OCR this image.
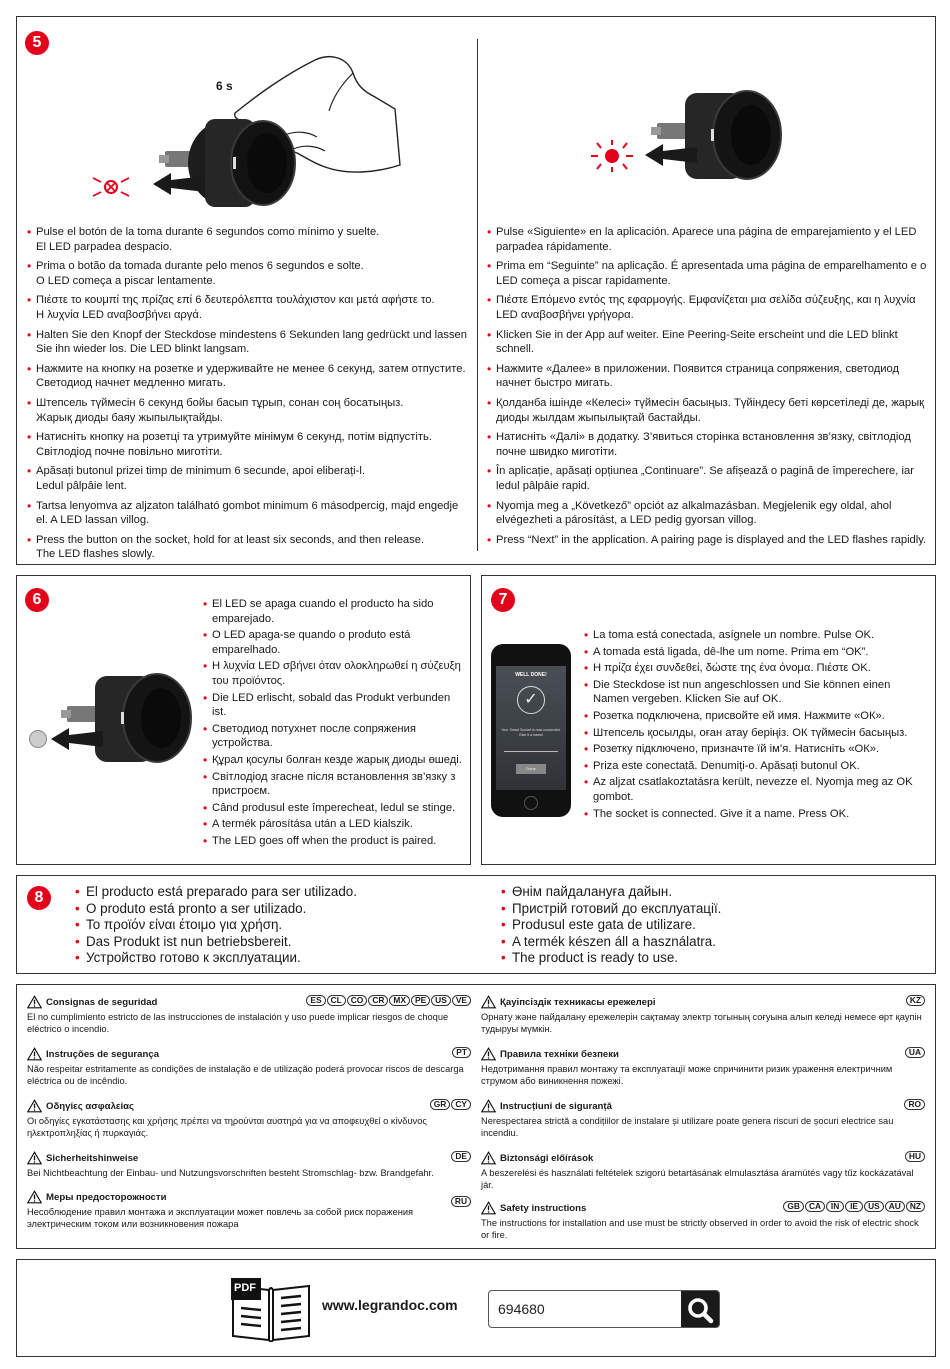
5
6 s
• Pulse el botón de la toma durante 6 segundos como mínimo y suelte.
El LED parpadea despacio.
• Prima o botão da tomada durante pelo menos 6 segundos e solte.
O LED começa a piscar lentamente.
• Πιέστε το κουμπί της πρίζας επί 6 δευτερόλεπτα τουλάχιστον και μετά αφήστε το.
Η λυχνία LED αναβοσβήνει αργά.
• Halten Sie den Knopf der Steckdose mindestens 6 Sekunden lang gedrückt und lassen Sie ihn wieder los. Die LED blinkt langsam.
• Нажмите на кнопку на розетке и удерживайте не менее 6 секунд, затем отпустите.
Светодиод начнет медленно мигать.
• Штепсель түймесін 6 секунд бойы басып тұрып, сонан соң босатыңыз.
Жарық диоды баяу жыпылықтайды.
• Натисніть кнопку на розетці та утримуйте мінімум 6 секунд, потім відпустіть.
Світлодіод почне повільно миготіти.
• Apăsați butonul prizei timp de minimum 6 secunde, apoi eliberați-l.
Ledul pâlpâie lent.
• Tartsa lenyomva az aljzaton található gombot minimum 6 másodpercig, majd engedje el. A LED lassan villog.
• Press the button on the socket, hold for at least six seconds, and then release.
The LED flashes slowly.
• Pulse «Siguiente» en la aplicación. Aparece una página de emparejamiento y el LED parpadea rápidamente.
• Prima em “Seguinte” na aplicação. É apresentada uma página de emparelhamento e o LED começa a piscar rapidamente.
• Πιέστε Επόμενο εντός της εφαρμογής. Εμφανίζεται μια σελίδα σύζευξης, και η λυχνία LED αναβοσβήνει γρήγορα.
• Klicken Sie in der App auf weiter. Eine Peering-Seite erscheint und die LED blinkt schnell.
• Нажмите «Далее» в приложении. Появится страница сопряжения, светодиод начнет быстро мигать.
• Қолданба ішінде «Келесі» түймесін басыңыз. Түйіндесу беті көрсетіледі де, жарық диоды жылдам жыпылықтай бастайды.
• Натисніть «Далі» в додатку. З’явиться сторінка встановлення зв’язку, світлодіод почне швидко миготіти.
• În aplicație, apăsați opțiunea „Continuare”. Se afișează o pagină de împerechere, iar ledul pâlpâie rapid.
• Nyomja meg a „Következő” opciót az alkalmazásban. Megjelenik egy oldal, ahol elvégezheti a párosítást, a LED pedig gyorsan villog.
• Press “Next” in the application. A pairing page is displayed and the LED flashes rapidly.
6	• El LED se apaga cuando el producto ha sido emparejado.
• O LED apaga-se quando o produto está emparelhado.
• Η λυχνία LED σβήνει όταν ολοκληρωθεί η σύζευξη του προϊόντος.
• Die LED erlischt, sobald das Produkt verbunden ist.
• Светодиод потухнет после сопряжения устройства.
• Құрал қосулы болған кезде жарық диоды өшеді.
• Світлодіод згасне після встановлення зв’язку з пристроєм.
• Când produsul este împerecheat, ledul se stinge.
• A termék párosítása után a LED kialszik.
• The LED goes off when the product is paired.
7
WELL DONE!
✓
Your Smart Socket is now connected. Give it a name!
Done
• La toma está conectada, asígnele un nombre. Pulse OK.
• A tomada está ligada, dê-lhe um nome. Prima em “OK”.
• Η πρίζα έχει συνδεθεί, δώστε της ένα όνομα. Πιέστε OK.
• Die Steckdose ist nun angeschlossen und Sie können einen Namen vergeben. Klicken Sie auf OK.
• Розетка подключена, присвойте ей имя. Нажмите «ОК».
• Штепсель қосылды, оған атау беріңіз. ОК түймесін басыңыз.
• Розетку підключено, призначте їй ім’я. Натисніть «ОК».
• Priza este conectată. Denumiți-o. Apăsați butonul OK.
• Az aljzat csatlakoztatásra került, nevezze el. Nyomja meg az OK gombot.
• The socket is connected. Give it a name. Press OK.
8	• El producto está preparado para ser utilizado.
• O produto está pronto a ser utilizado.
• Το προϊόν είναι έτοιμο για χρήση.
• Das Produkt ist nun betriebsbereit.
• Устройство готово к эксплуатации.
• Өнім пайдалануға дайын.
• Пристрій готовий до експлуатації.
• Produsul este gata de utilizare.
• A termék készen áll a használatra.
• The product is ready to use.
Consignas de seguridad	ES	CL	CO	CR	MX	PE	US	VE
El no cumplimiento estricto de las instrucciones de instalación y uso puede implicar riesgos de choque eléctrico o incendio.
Instruções de segurança	PT
Não respeitar estritamente as condições de instalação e de utilização poderá provocar riscos de descarga eléctrica ou de incêndio.
Οδηγίες ασφαλείας	GR	CY
Οι οδηγίες εγκατάστασης και χρήσης πρέπει να τηρούνται αυστηρά για να αποφευχθεί ο κίνδυνος ηλεκτροπληξίας ή πυρκαγιάς.
Sicherheitshinweise	DE
Bei Nichtbeachtung der Einbau- und Nutzungsvorschriften besteht Stromschlag- bzw. Brandgefahr.
Меры предосторожности	RU
Несоблюдение правил монтажа и эксплуатации может повлечь за собой риск поражения электрическим током или возникновения пожара
Қауіпсіздік техникасы ережелері	KZ
Орнату және пайдалану ережелерін сақтамау электр тогының соғуына алып келеді немесе өрт қаупін тудыруы мүмкін.
Правила техніки безпеки	UA
Недотримання правил монтажу та експлуатації може спричинити ризик ураження електричним струмом або виникнення пожежі.
Instrucțiuni de siguranță	RO
Nerespectarea strictă a condițiilor de instalare și utilizare poate genera riscuri de șocuri electrice sau incendiu.
Biztonsági előírások	HU
A beszerelési és használati feltételek szigorú betartásának elmulasztása áramütés vagy tűz kockázatával jár.
Safety instructions	GB	CA	IN	IE	US	AU	NZ
The instructions for installation and use must be strictly observed in order to avoid the risk of electric shock or fire.
PDF
www.legrandoc.com	694680
